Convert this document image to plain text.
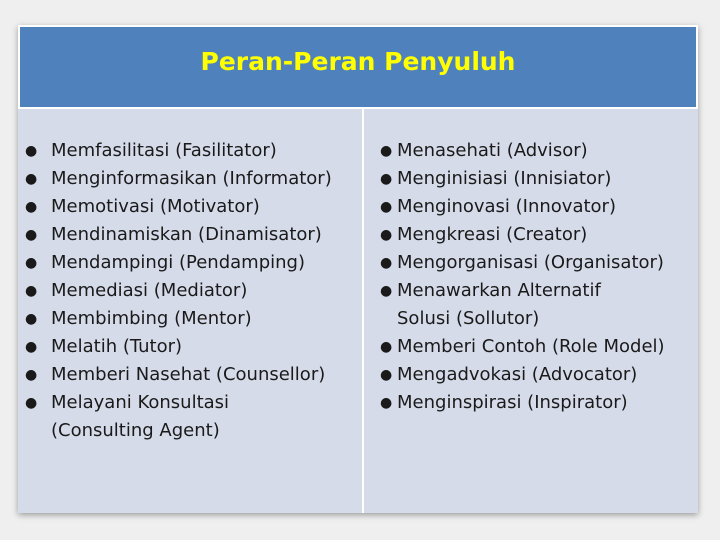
Peran-Peran Penyuluh
● Memfasilitasi (Fasilitator)
● Menginformasikan (Informator)
● Memotivasi (Motivator)
● Mendinamiskan (Dinamisator)
● Mendampingi (Pendamping)
● Memediasi (Mediator)
● Membimbing (Mentor)
● Melatih (Tutor)
● Memberi Nasehat (Counsellor)
● Melayani Konsultasi
(Consulting Agent)
● Menasehati (Advisor)
● Menginisiasi (Innisiator)
● Menginovasi (Innovator)
● Mengkreasi (Creator)
● Mengorganisasi (Organisator)
● Menawarkan Alternatif
Solusi (Sollutor)
● Memberi Contoh (Role Model)
● Mengadvokasi (Advocator)
● Menginspirasi (Inspirator)
